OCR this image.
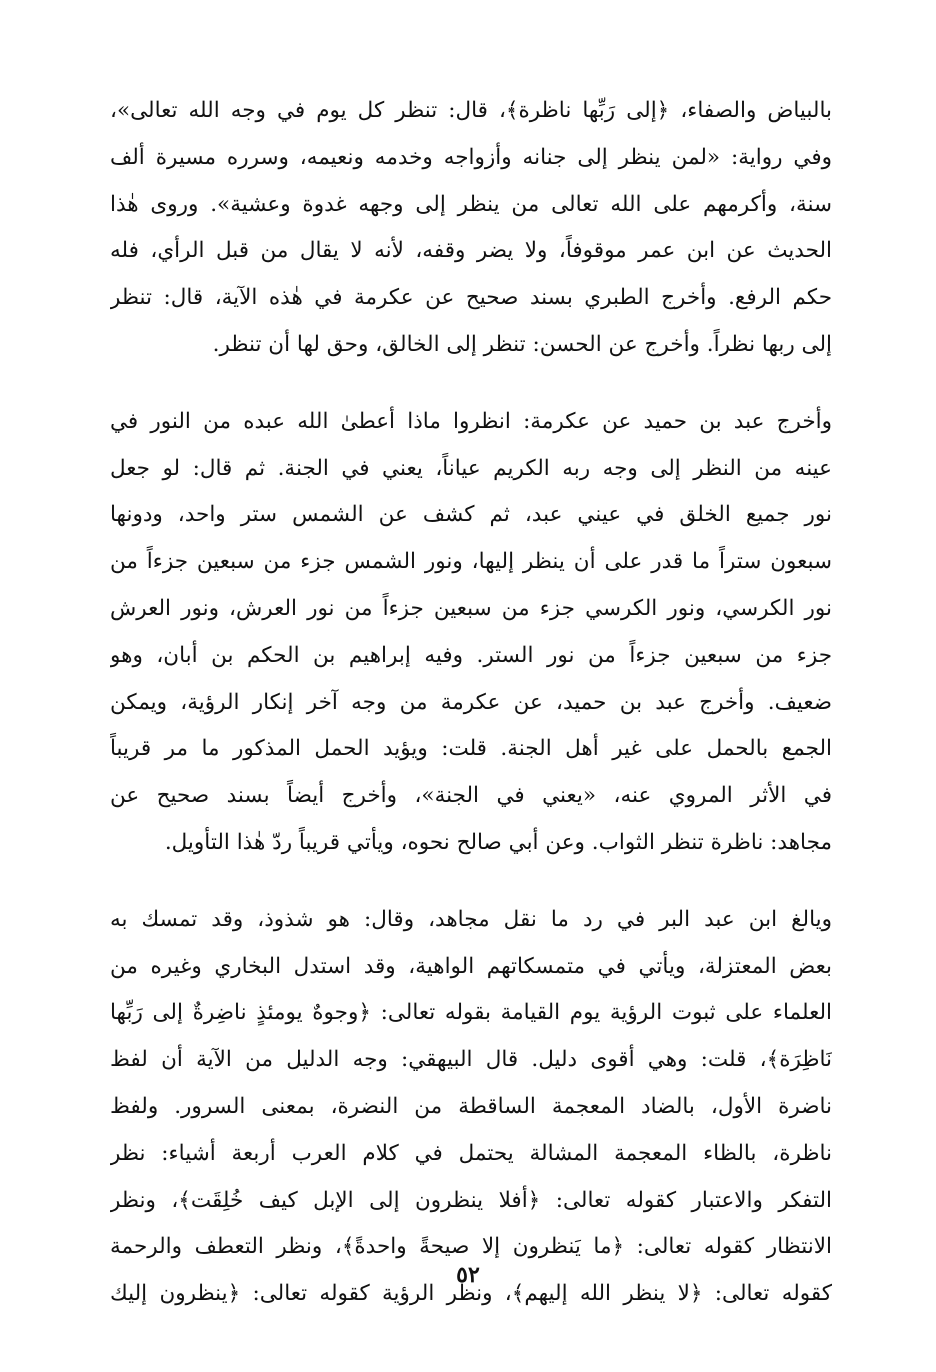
بالبياض والصفاء، ﴿إلى رَبِّها ناظرة﴾، قال: تنظر كل يوم في وجه الله تعالى»،
وفي رواية: «لمن ينظر إلى جنانه وأزواجه وخدمه ونعيمه، وسرره مسيرة ألف
سنة، وأكرمهم على الله تعالى من ينظر إلى وجهه غدوة وعشية». وروى هٰذا
الحديث عن ابن عمر موقوفاً، ولا يضر وقفه، لأنه لا يقال من قبل الرأي، فله
حكم الرفع. وأخرج الطبري بسند صحيح عن عكرمة في هٰذه الآية، قال: تنظر
إلى ربها نظراً. وأخرج عن الحسن: تنظر إلى الخالق، وحق لها أن تنظر.
وأخرج عبد بن حميد عن عكرمة: انظروا ماذا أعطىٰ الله عبده من النور في
عينه من النظر إلى وجه ربه الكريم عياناً، يعني في الجنة. ثم قال: لو جعل
نور جميع الخلق في عيني عبد، ثم كشف عن الشمس ستر واحد، ودونها
سبعون ستراً ما قدر على أن ينظر إليها، ونور الشمس جزء من سبعين جزءاً من
نور الكرسي، ونور الكرسي جزء من سبعين جزءاً من نور العرش، ونور العرش
جزء من سبعين جزءاً من نور الستر. وفيه إبراهيم بن الحكم بن أبان، وهو
ضعيف. وأخرج عبد بن حميد، عن عكرمة من وجه آخر إنكار الرؤية، ويمكن
الجمع بالحمل على غير أهل الجنة. قلت: ويؤيد الحمل المذكور ما مر قريباً
في الأثر المروي عنه، «يعني في الجنة»، وأخرج أيضاً بسند صحيح عن
مجاهد: ناظرة تنظر الثواب. وعن أبي صالح نحوه، ويأتي قريباً ردّ هٰذا التأويل.
ويالغ ابن عبد البر في رد ما نقل مجاهد، وقال: هو شذوذ، وقد تمسك به
بعض المعتزلة، ويأتي في متمسكاتهم الواهية، وقد استدل البخاري وغيره من
العلماء على ثبوت الرؤية يوم القيامة بقوله تعالى: ﴿وجوهٌ يومئذٍ ناضِرةٌ إلى رَبِّها
نَاظِرَة﴾، قلت: وهي أقوى دليل. قال البيهقي: وجه الدليل من الآية أن لفظ
ناضرة الأول، بالضاد المعجمة الساقطة من النضرة، بمعنى السرور. ولفظ
ناظرة، بالظاء المعجمة المشالة يحتمل في كلام العرب أربعة أشياء: نظر
التفكر والاعتبار كقوله تعالى: ﴿أفلا ينظرون إلى الإبل كيف خُلِقَت﴾، ونظر
الانتظار كقوله تعالى: ﴿ما يَنظرون إلا صيحةً واحدةً﴾، ونظر التعطف والرحمة
كقوله تعالى: ﴿لا ينظر الله إليهم﴾، ونظر الرؤية كقوله تعالى: ﴿ينظرون إليك
٥٢
